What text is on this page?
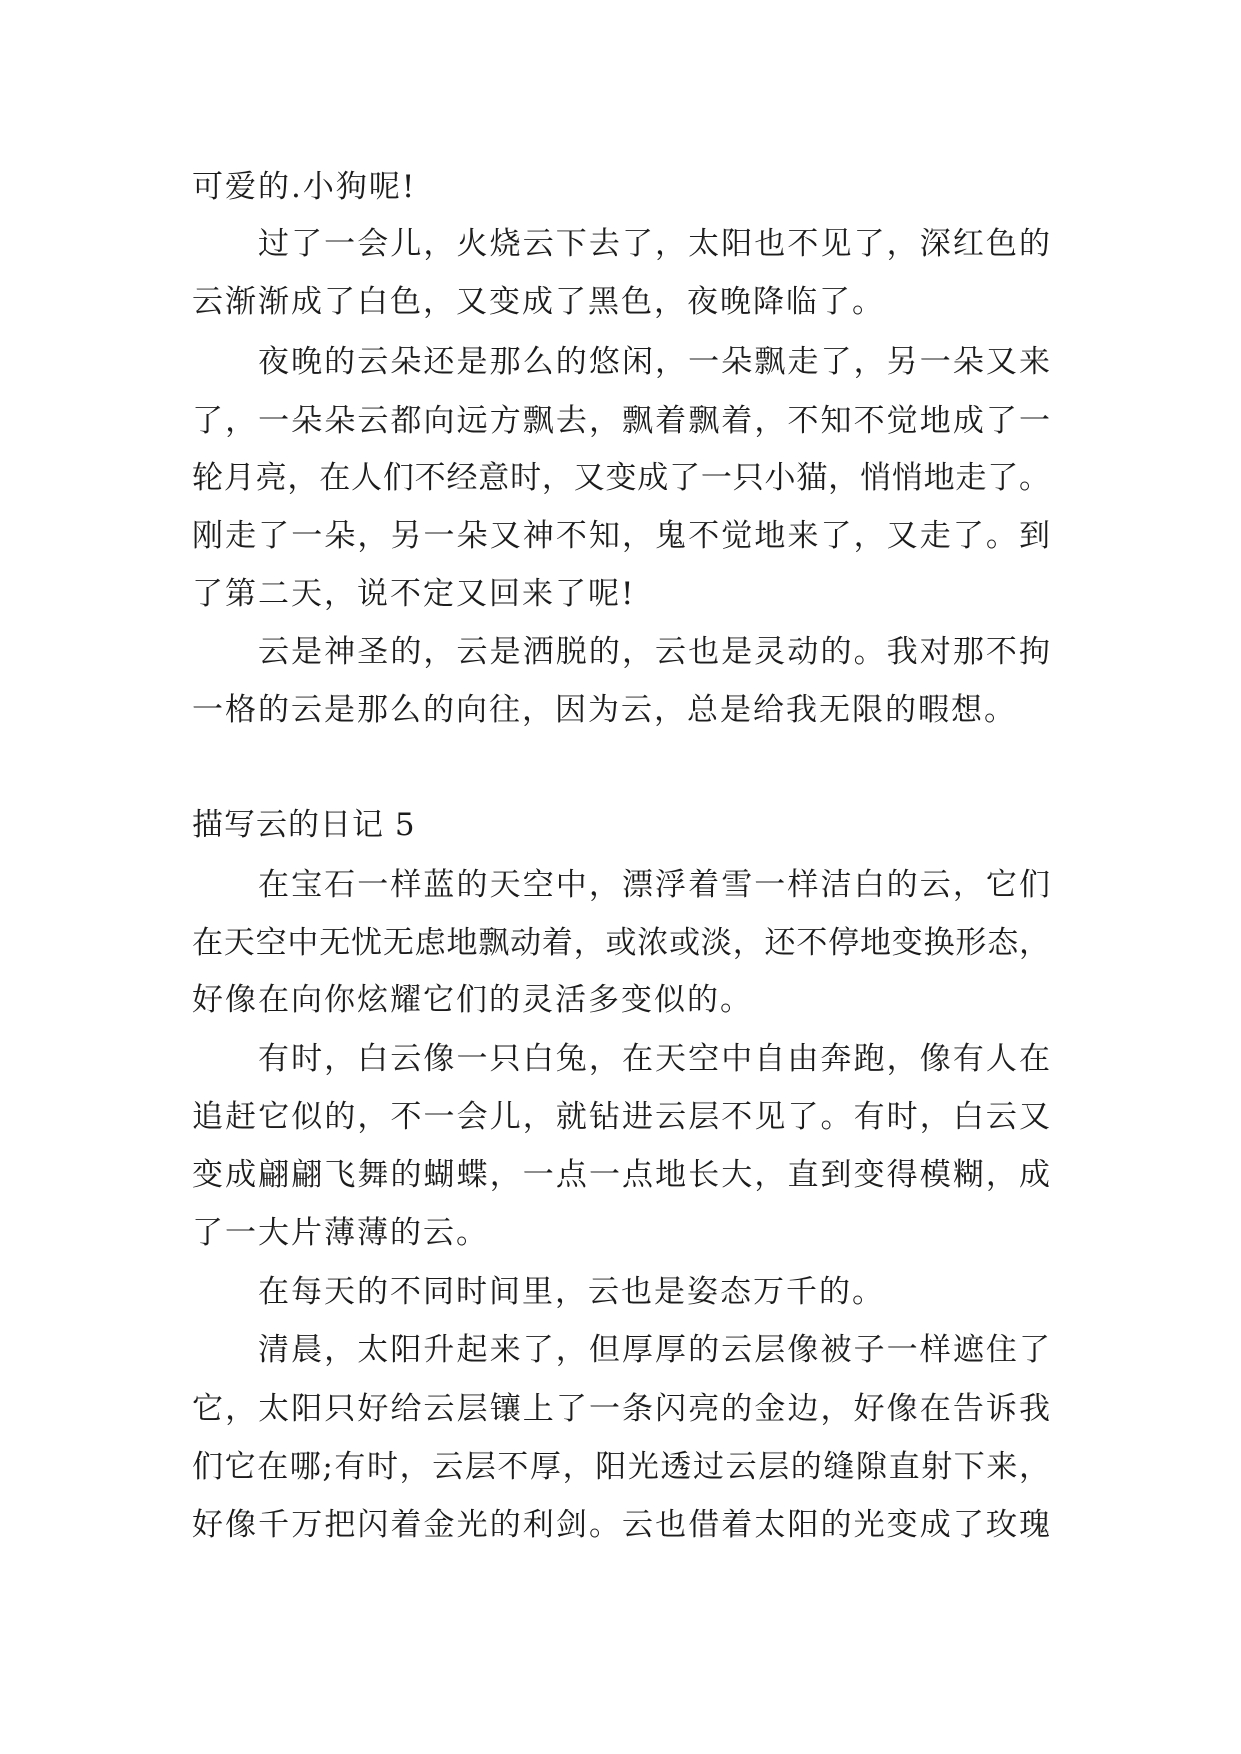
可爱的.小狗呢!
过了一会儿，火烧云下去了，太阳也不见了，深红色的
云渐渐成了白色，又变成了黑色，夜晚降临了。
夜晚的云朵还是那么的悠闲，一朵飘走了，另一朵又来
了，一朵朵云都向远方飘去，飘着飘着，不知不觉地成了一
轮月亮，在人们不经意时，又变成了一只小猫，悄悄地走了。
刚走了一朵，另一朵又神不知，鬼不觉地来了，又走了。到
了第二天，说不定又回来了呢!
云是神圣的，云是洒脱的，云也是灵动的。我对那不拘
一格的云是那么的向往，因为云，总是给我无限的暇想。
描写云的日记 5
在宝石一样蓝的天空中，漂浮着雪一样洁白的云，它们
在天空中无忧无虑地飘动着，或浓或淡，还不停地变换形态，
好像在向你炫耀它们的灵活多变似的。
有时，白云像一只白兔，在天空中自由奔跑，像有人在
追赶它似的，不一会儿，就钻进云层不见了。有时，白云又
变成翩翩飞舞的蝴蝶，一点一点地长大，直到变得模糊，成
了一大片薄薄的云。
在每天的不同时间里，云也是姿态万千的。
清晨，太阳升起来了，但厚厚的云层像被子一样遮住了
它，太阳只好给云层镶上了一条闪亮的金边，好像在告诉我
们它在哪;有时，云层不厚，阳光透过云层的缝隙直射下来，
好像千万把闪着金光的利剑。云也借着太阳的光变成了玫瑰
